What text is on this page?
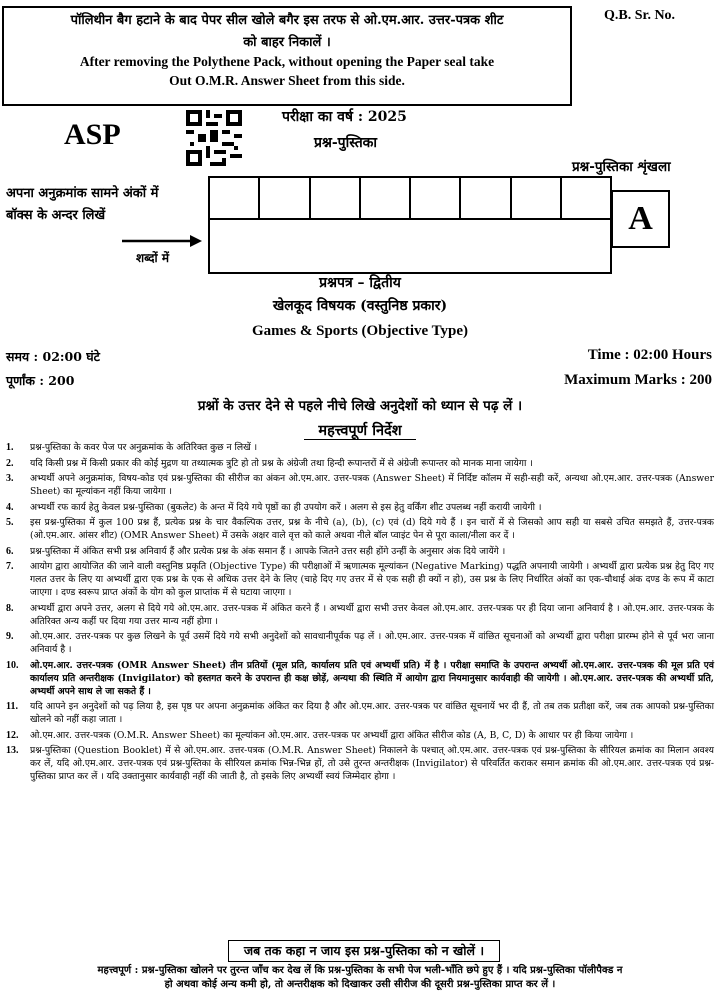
पॉलिथीन बैग हटाने के बाद पेपर सील खोले बगैर इस तरफ से ओ.एम.आर. उत्तर-पत्रक शीट
को बाहर निकालें ।
After removing the Polythene Pack, without opening the Paper seal take
Out O.M.R. Answer Sheet from this side.
Q.B. Sr. No.
ASP
परीक्षा का वर्ष : 2025
प्रश्न-पुस्तिका
प्रश्न-पुस्तिका शृंखला
A
अपना अनुक्रमांक सामने अंकों में
बॉक्स के अन्दर लिखें
शब्दों में
प्रश्नपत्र – द्वितीय
खेलकूद विषयक (वस्तुनिष्ठ प्रकार)
Games & Sports (Objective Type)
समय : 02:00 घंटे
पूर्णांक : 200
Time : 02:00 Hours
Maximum Marks : 200
प्रश्नों के उत्तर देने से पहले नीचे लिखे अनुदेशों को ध्यान से पढ़ लें ।
महत्त्वपूर्ण निर्देश
1. प्रश्न-पुस्तिका के कवर पेज पर अनुक्रमांक के अतिरिक्त कुछ न लिखें ।
2. यदि किसी प्रश्न में किसी प्रकार की कोई मुद्रण या तथ्यात्मक त्रुटि हो तो प्रश्न के अंग्रेजी तथा हिन्दी रूपान्तरों में से अंग्रेजी रूपान्तर को मानक माना जायेगा ।
3. अभ्यर्थी अपने अनुक्रमांक, विषय-कोड एवं प्रश्न-पुस्तिका की सीरीज का अंकन ओ.एम.आर. उत्तर-पत्रक (Answer Sheet) में निर्दिष्ट कॉलम में सही-सही करें, अन्यथा ओ.एम.आर. उत्तर-पत्रक (Answer Sheet) का मूल्यांकन नहीं किया जायेगा ।
4. अभ्यर्थी रफ कार्य हेतु केवल प्रश्न-पुस्तिका (बुकलेट) के अन्त में दिये गये पृष्ठों का ही उपयोग करें । अलग से इस हेतु वर्किंग शीट उपलब्ध नहीं करायी जायेगी ।
5. इस प्रश्न-पुस्तिका में कुल 100 प्रश्न हैं, प्रत्येक प्रश्न के चार वैकल्पिक उत्तर, प्रश्न के नीचे (a), (b), (c) एवं (d) दिये गये हैं । इन चारों में से जिसको आप सही या सबसे उचित समझते हैं, उत्तर-पत्रक (ओ.एम.आर. आंसर शीट) (OMR Answer Sheet) में उसके अक्षर वाले वृत्त को काले अथवा नीले बॉल प्वाइंट पेन से पूरा काला/नीला कर दें ।
6. प्रश्न-पुस्तिका में अंकित सभी प्रश्न अनिवार्य हैं और प्रत्येक प्रश्न के अंक समान हैं । आपके जितने उत्तर सही होंगे उन्हीं के अनुसार अंक दिये जायेंगे ।
7. आयोग द्वारा आयोजित की जाने वाली वस्तुनिष्ठ प्रकृति (Objective Type) की परीक्षाओं में ऋणात्मक मूल्यांकन (Negative Marking) पद्धति अपनायी जायेगी । अभ्यर्थी द्वारा प्रत्येक प्रश्न हेतु दिए गए गलत उत्तर के लिए या अभ्यर्थी द्वारा एक प्रश्न के एक से अधिक उत्तर देने के लिए (चाहे दिए गए उत्तर में से एक सही ही क्यों न हो), उस प्रश्न के लिए निर्धारित अंकों का एक-चौथाई अंक दण्ड के रूप में काटा जाएगा । दण्ड स्वरूप प्राप्त अंकों के योग को कुल प्राप्तांक में से घटाया जाएगा ।
8. अभ्यर्थी द्वारा अपने उत्तर, अलग से दिये गये ओ.एम.आर. उत्तर-पत्रक में अंकित करने हैं । अभ्यर्थी द्वारा सभी उत्तर केवल ओ.एम.आर. उत्तर-पत्रक पर ही दिया जाना अनिवार्य है । ओ.एम.आर. उत्तर-पत्रक के अतिरिक्त अन्य कहीं पर दिया गया उत्तर मान्य नहीं होगा ।
9. ओ.एम.आर. उत्तर-पत्रक पर कुछ लिखने के पूर्व उसमें दिये गये सभी अनुदेशों को सावधानीपूर्वक पढ़ लें । ओ.एम.आर. उत्तर-पत्रक में वांछित सूचनाओं को अभ्यर्थी द्वारा परीक्षा प्रारम्भ होने से पूर्व भरा जाना अनिवार्य है ।
10. ओ.एम.आर. उत्तर-पत्रक (OMR Answer Sheet) तीन प्रतियों (मूल प्रति, कार्यालय प्रति एवं अभ्यर्थी प्रति) में है । परीक्षा समाप्ति के उपरान्त अभ्यर्थी ओ.एम.आर. उत्तर-पत्रक की मूल प्रति एवं कार्यालय प्रति अन्तरीक्षक (Invigilator) को हस्तगत करने के उपरान्त ही कक्ष छोड़ें, अन्यथा की स्थिति में आयोग द्वारा नियमानुसार कार्यवाही की जायेगी । ओ.एम.आर. उत्तर-पत्रक की अभ्यर्थी प्रति, अभ्यर्थी अपने साथ ले जा सकते हैं ।
11. यदि आपने इन अनुदेशों को पढ़ लिया है, इस पृष्ठ पर अपना अनुक्रमांक अंकित कर दिया है और ओ.एम.आर. उत्तर-पत्रक पर वांछित सूचनायें भर दी हैं, तो तब तक प्रतीक्षा करें, जब तक आपको प्रश्न-पुस्तिका खोलने को नहीं कहा जाता ।
12. ओ.एम.आर. उत्तर-पत्रक (O.M.R. Answer Sheet) का मूल्यांकन ओ.एम.आर. उत्तर-पत्रक पर अभ्यर्थी द्वारा अंकित सीरीज कोड (A, B, C, D) के आधार पर ही किया जायेगा ।
13. प्रश्न-पुस्तिका (Question Booklet) में से ओ.एम.आर. उत्तर-पत्रक (O.M.R. Answer Sheet) निकालने के पश्चात् ओ.एम.आर. उत्तर-पत्रक एवं प्रश्न-पुस्तिका के सीरियल क्रमांक का मिलान अवश्य कर लें, यदि ओ.एम.आर. उत्तर-पत्रक एवं प्रश्न-पुस्तिका के सीरियल क्रमांक भिन्न-भिन्न हों, तो उसे तुरन्त अन्तरीक्षक (Invigilator) से परिवर्तित कराकर समान क्रमांक की ओ.एम.आर. उत्तर-पत्रक एवं प्रश्न-पुस्तिका प्राप्त कर लें । यदि उक्तानुसार कार्यवाही नहीं की जाती है, तो इसके लिए अभ्यर्थी स्वयं जिम्मेदार होगा ।
जब तक कहा न जाय इस प्रश्न-पुस्तिका को न खोलें ।
महत्त्वपूर्ण : प्रश्न-पुस्तिका खोलने पर तुरन्त जाँच कर देख लें कि प्रश्न-पुस्तिका के सभी पेज भली-भाँति छपे हुए हैं । यदि प्रश्न-पुस्तिका पॉलीपैक्ड न
हो अथवा कोई अन्य कमी हो, तो अन्तरीक्षक को दिखाकर उसी सीरीज की दूसरी प्रश्न-पुस्तिका प्राप्त कर लें ।
